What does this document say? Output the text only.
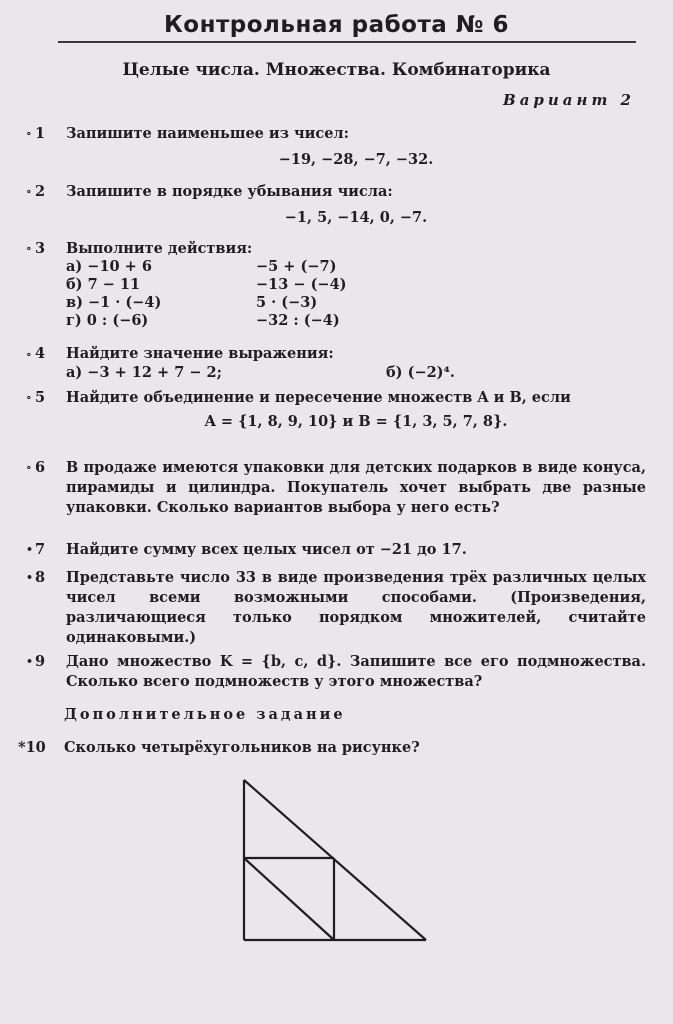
Контрольная работа № 6
Целые числа. Множества. Комбинаторика
Вариант 2
∘ 1	Запишите наименьшее из чисел:
−19, −28, −7, −32.
∘ 2	Запишите в порядке убывания числа:
−1, 5, −14, 0, −7.
∘ 3	Выполните действия:
а) −10 + 6	−5 + (−7)
б) 7 − 11	−13 − (−4)
в) −1 · (−4)	5 · (−3)
г) 0 : (−6)	−32 : (−4)
∘ 4	Найдите значение выражения:
а) −3 + 12 + 7 − 2;	б) (−2)⁴.
∘ 5	Найдите объединение и пересечение множеств A и B, если
A = {1, 8, 9, 10} и B = {1, 3, 5, 7, 8}.
∘ 6	В продаже имеются упаковки для детских подарков в виде конуса, пирамиды и цилиндра. Покупатель хочет выбрать две разные упаковки. Сколько вариантов выбора у него есть?
• 7	Найдите сумму всех целых чисел от −21 до 17.
• 8	Представьте число 33 в виде произведения трёх различных целых чисел всеми возможными способами. (Произведения, различающиеся только порядком множителей, считайте одинаковыми.)
• 9	Дано множество K = {b, c, d}. Запишите все его подмножества. Сколько всего подмножеств у этого множества?
Дополнительное задание
*10	Сколько четырёхугольников на рисунке?
